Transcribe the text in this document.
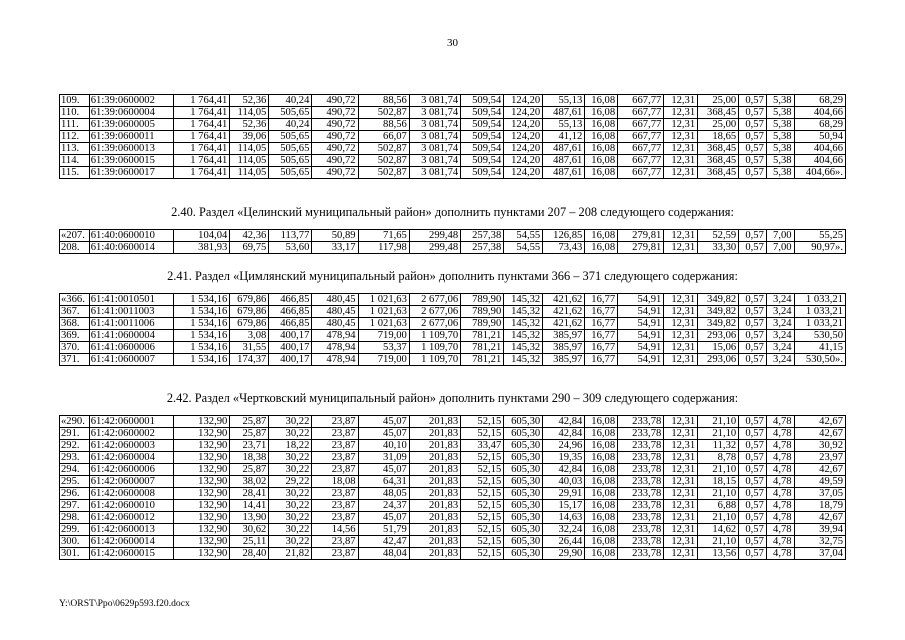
30
109.	61:39:0600002	1 764,41	52,36	40,24	490,72	88,56	3 081,74	509,54	124,20	55,13	16,08	667,77	12,31	25,00	0,57	5,38	68,29
110.	61:39:0600004	1 764,41	114,05	505,65	490,72	502,87	3 081,74	509,54	124,20	487,61	16,08	667,77	12,31	368,45	0,57	5,38	404,66
111.	61:39:0600005	1 764,41	52,36	40,24	490,72	88,56	3 081,74	509,54	124,20	55,13	16,08	667,77	12,31	25,00	0,57	5,38	68,29
112.	61:39:0600011	1 764,41	39,06	505,65	490,72	66,07	3 081,74	509,54	124,20	41,12	16,08	667,77	12,31	18,65	0,57	5,38	50,94
113.	61:39:0600013	1 764,41	114,05	505,65	490,72	502,87	3 081,74	509,54	124,20	487,61	16,08	667,77	12,31	368,45	0,57	5,38	404,66
114.	61:39:0600015	1 764,41	114,05	505,65	490,72	502,87	3 081,74	509,54	124,20	487,61	16,08	667,77	12,31	368,45	0,57	5,38	404,66
115.	61:39:0600017	1 764,41	114,05	505,65	490,72	502,87	3 081,74	509,54	124,20	487,61	16,08	667,77	12,31	368,45	0,57	5,38	404,66».
2.40. Раздел «Целинский муниципальный район» дополнить пунктами 207 – 208 следующего содержания:
«207.	61:40:0600010	104,04	42,36	113,77	50,89	71,65	299,48	257,38	54,55	126,85	16,08	279,81	12,31	52,59	0,57	7,00	55,25
208.	61:40:0600014	381,93	69,75	53,60	33,17	117,98	299,48	257,38	54,55	73,43	16,08	279,81	12,31	33,30	0,57	7,00	90,97».
2.41. Раздел «Цимлянский муниципальный район» дополнить пунктами 366 – 371 следующего содержания:
«366.	61:41:0010501	1 534,16	679,86	466,85	480,45	1 021,63	2 677,06	789,90	145,32	421,62	16,77	54,91	12,31	349,82	0,57	3,24	1 033,21
367.	61:41:0011003	1 534,16	679,86	466,85	480,45	1 021,63	2 677,06	789,90	145,32	421,62	16,77	54,91	12,31	349,82	0,57	3,24	1 033,21
368.	61:41:0011006	1 534,16	679,86	466,85	480,45	1 021,63	2 677,06	789,90	145,32	421,62	16,77	54,91	12,31	349,82	0,57	3,24	1 033,21
369.	61:41:0600004	1 534,16	3,08	400,17	478,94	719,00	1 109,70	781,21	145,32	385,97	16,77	54,91	12,31	293,06	0,57	3,24	530,50
370.	61:41:0600006	1 534,16	31,55	400,17	478,94	53,37	1 109,70	781,21	145,32	385,97	16,77	54,91	12,31	15,06	0,57	3,24	41,15
371.	61:41:0600007	1 534,16	174,37	400,17	478,94	719,00	1 109,70	781,21	145,32	385,97	16,77	54,91	12,31	293,06	0,57	3,24	530,50».
2.42. Раздел «Чертковский муниципальный район» дополнить пунктами 290 – 309 следующего содержания:
«290.	61:42:0600001	132,90	25,87	30,22	23,87	45,07	201,83	52,15	605,30	42,84	16,08	233,78	12,31	21,10	0,57	4,78	42,67
291.	61:42:0600002	132,90	25,87	30,22	23,87	45,07	201,83	52,15	605,30	42,84	16,08	233,78	12,31	21,10	0,57	4,78	42,67
292.	61:42:0600003	132,90	23,71	18,22	23,87	40,10	201,83	33,47	605,30	24,96	16,08	233,78	12,31	11,32	0,57	4,78	30,92
293.	61:42:0600004	132,90	18,38	30,22	23,87	31,09	201,83	52,15	605,30	19,35	16,08	233,78	12,31	8,78	0,57	4,78	23,97
294.	61:42:0600006	132,90	25,87	30,22	23,87	45,07	201,83	52,15	605,30	42,84	16,08	233,78	12,31	21,10	0,57	4,78	42,67
295.	61:42:0600007	132,90	38,02	29,22	18,08	64,31	201,83	52,15	605,30	40,03	16,08	233,78	12,31	18,15	0,57	4,78	49,59
296.	61:42:0600008	132,90	28,41	30,22	23,87	48,05	201,83	52,15	605,30	29,91	16,08	233,78	12,31	21,10	0,57	4,78	37,05
297.	61:42:0600010	132,90	14,41	30,22	23,87	24,37	201,83	52,15	605,30	15,17	16,08	233,78	12,31	6,88	0,57	4,78	18,79
298.	61:42:0600012	132,90	13,90	30,22	23,87	45,07	201,83	52,15	605,30	14,63	16,08	233,78	12,31	21,10	0,57	4,78	42,67
299.	61:42:0600013	132,90	30,62	30,22	14,56	51,79	201,83	52,15	605,30	32,24	16,08	233,78	12,31	14,62	0,57	4,78	39,94
300.	61:42:0600014	132,90	25,11	30,22	23,87	42,47	201,83	52,15	605,30	26,44	16,08	233,78	12,31	21,10	0,57	4,78	32,75
301.	61:42:0600015	132,90	28,40	21,82	23,87	48,04	201,83	52,15	605,30	29,90	16,08	233,78	12,31	13,56	0,57	4,78	37,04
Y:\ORST\Ppo\0629p593.f20.docx
